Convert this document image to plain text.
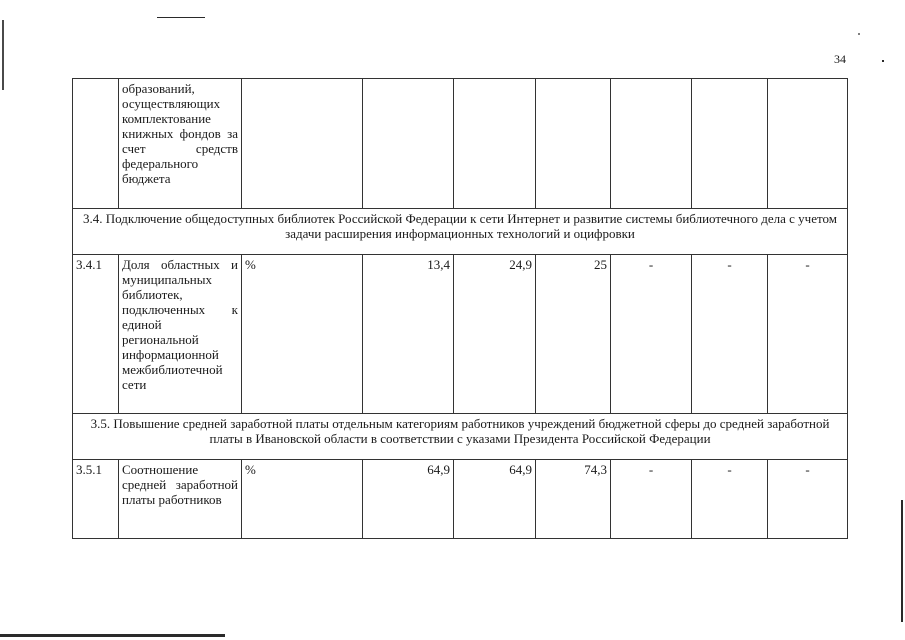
34
	образований, осуществляющих комплектование книжных фондов за счет средств федерального бюджета							
3.4. Подключение общедоступных библиотек Российской Федерации к сети Интернет и развитие системы библиотечного дела с учетом задачи расширения информационных технологий и оцифровки								
3.4.1	Доля областных и муниципальных библиотек, подключенных к единой региональной информационной межбиблиотечной сети	%	13,4	24,9	25	-	-	-
3.5. Повышение средней заработной платы отдельным категориям работников учреждений бюджетной сферы до средней заработной платы в Ивановской области в соответствии с указами Президента Российской Федерации								
3.5.1	Соотношение средней заработной платы работников	%	64,9	64,9	74,3	-	-	-
